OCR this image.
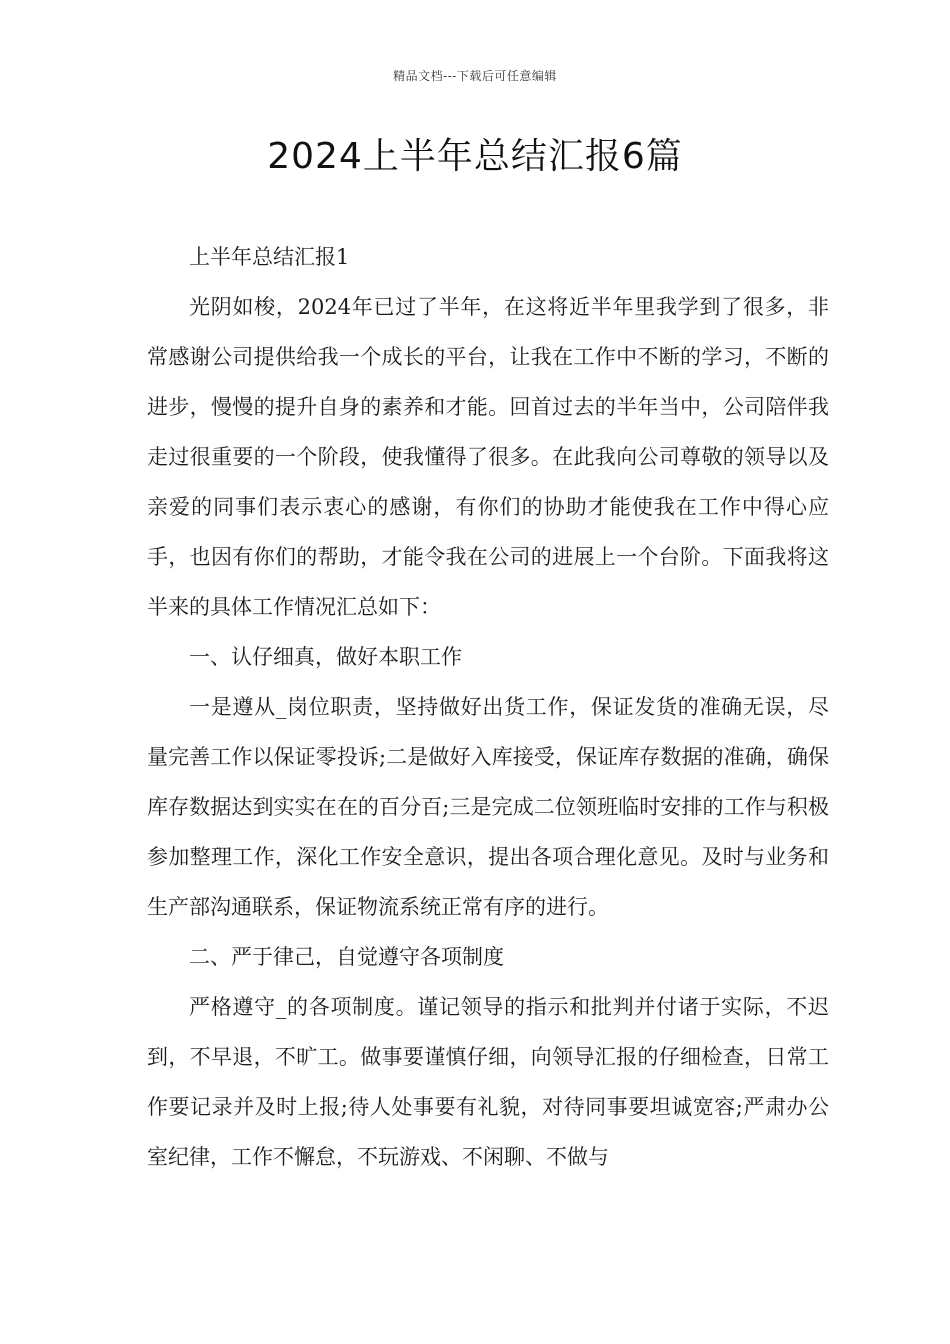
精品文档---下载后可任意编辑
2024上半年总结汇报6篇

上半年总结汇报1

光阴如梭，2024年已过了半年，在这将近半年里我学到了很多，非常感谢公司提供给我一个成长的平台，让我在工作中不断的学习，不断的进步，慢慢的提升自身的素养和才能。回首过去的半年当中，公司陪伴我走过很重要的一个阶段，使我懂得了很多。在此我向公司尊敬的领导以及亲爱的同事们表示衷心的感谢，有你们的协助才能使我在工作中得心应手，也因有你们的帮助，才能令我在公司的进展上一个台阶。下面我将这半来的具体工作情况汇总如下：

一、认仔细真，做好本职工作

一是遵从_岗位职责，坚持做好出货工作，保证发货的准确无误，尽量完善工作以保证零投诉;二是做好入库接受，保证库存数据的准确，确保库存数据达到实实在在的百分百;三是完成二位领班临时安排的工作与积极参加整理工作，深化工作安全意识，提出各项合理化意见。及时与业务和生产部沟通联系，保证物流系统正常有序的进行。

二、严于律己，自觉遵守各项制度

严格遵守_的各项制度。谨记领导的指示和批判并付诸于实际，不迟到，不早退，不旷工。做事要谨慎仔细，向领导汇报的仔细检查，日常工作要记录并及时上报;待人处事要有礼貌，对待同事要坦诚宽容;严肃办公室纪律，工作不懈怠，不玩游戏、不闲聊、不做与
